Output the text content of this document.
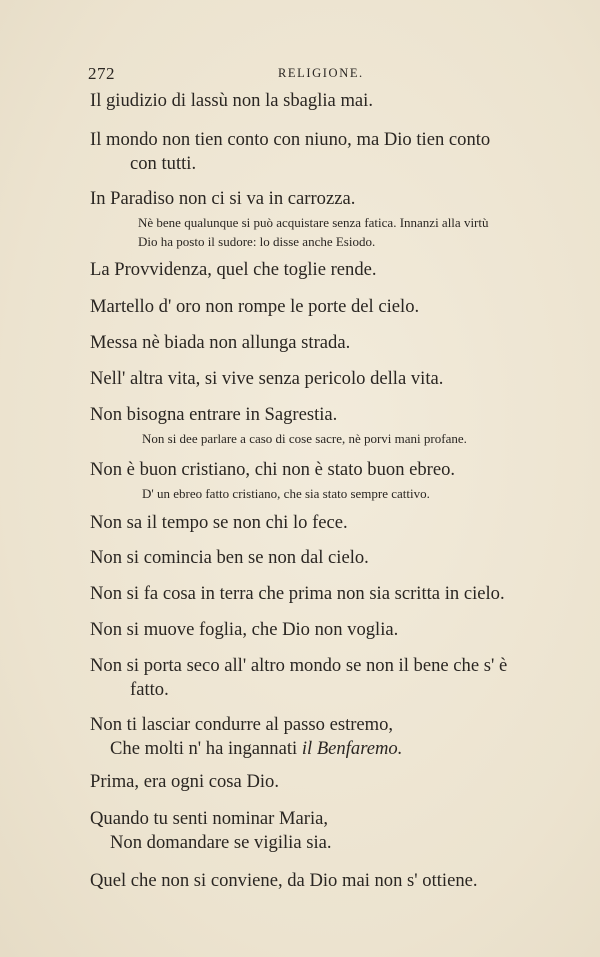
272	RELIGIONE.
Il giudizio di lassù non la sbaglia mai.
Il mondo non tien conto con niuno, ma Dio tien conto
con tutti.
In Paradiso non ci si va in carrozza.
Nè bene qualunque si può acquistare senza fatica. Innanzi alla virtù
Dio ha posto il sudore: lo disse anche Esiodo.
La Provvidenza, quel che toglie rende.
Martello d' oro non rompe le porte del cielo.
Messa nè biada non allunga strada.
Nell' altra vita, si vive senza pericolo della vita.
Non bisogna entrare in Sagrestia.
Non si dee parlare a caso di cose sacre, nè porvi mani profane.
Non è buon cristiano, chi non è stato buon ebreo.
D' un ebreo fatto cristiano, che sia stato sempre cattivo.
Non sa il tempo se non chi lo fece.
Non si comincia ben se non dal cielo.
Non si fa cosa in terra che prima non sia scritta in cielo.
Non si muove foglia, che Dio non voglia.
Non si porta seco all' altro mondo se non il bene che s' è
fatto.
Non ti lasciar condurre al passo estremo,
Che molti n' ha ingannati il Benfaremo.
Prima, era ogni cosa Dio.
Quando tu senti nominar Maria,
Non domandare se vigilia sia.
Quel che non si conviene, da Dio mai non s' ottiene.
